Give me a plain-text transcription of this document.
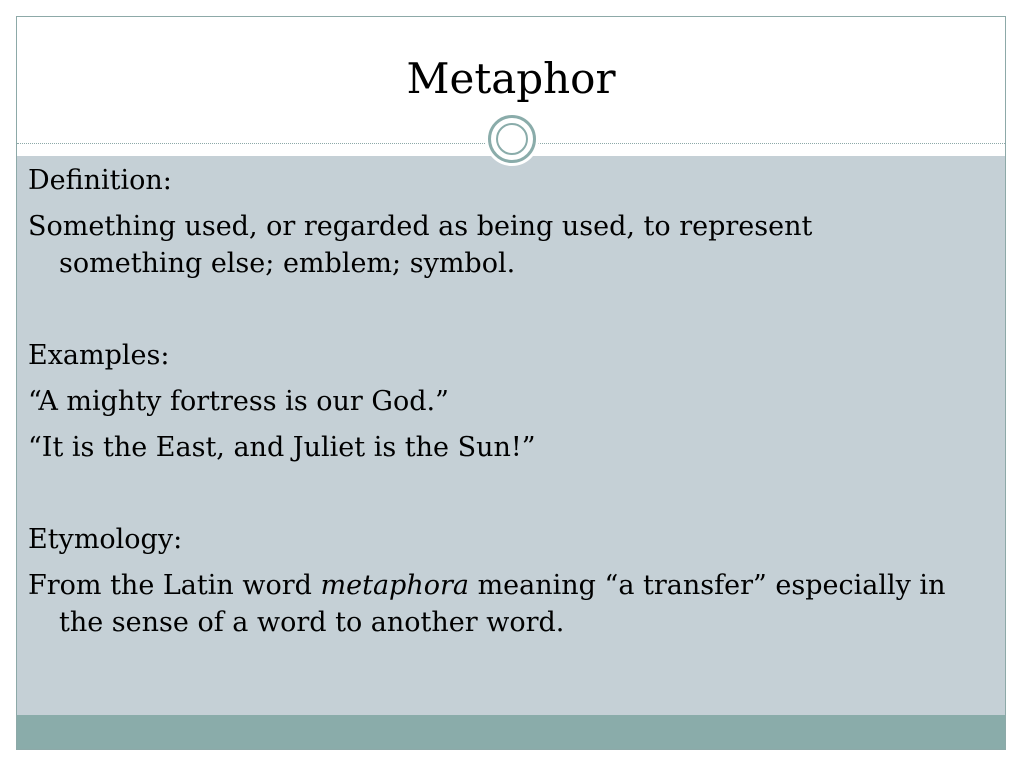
Metaphor

Definition:

Something used, or regarded as being used, to represent something else; emblem; symbol.

Examples:

“A mighty fortress is our God.”

“It is the East, and Juliet is the Sun!”

Etymology:

From the Latin word metaphora meaning “a transfer” especially in the sense of a word to another word.
